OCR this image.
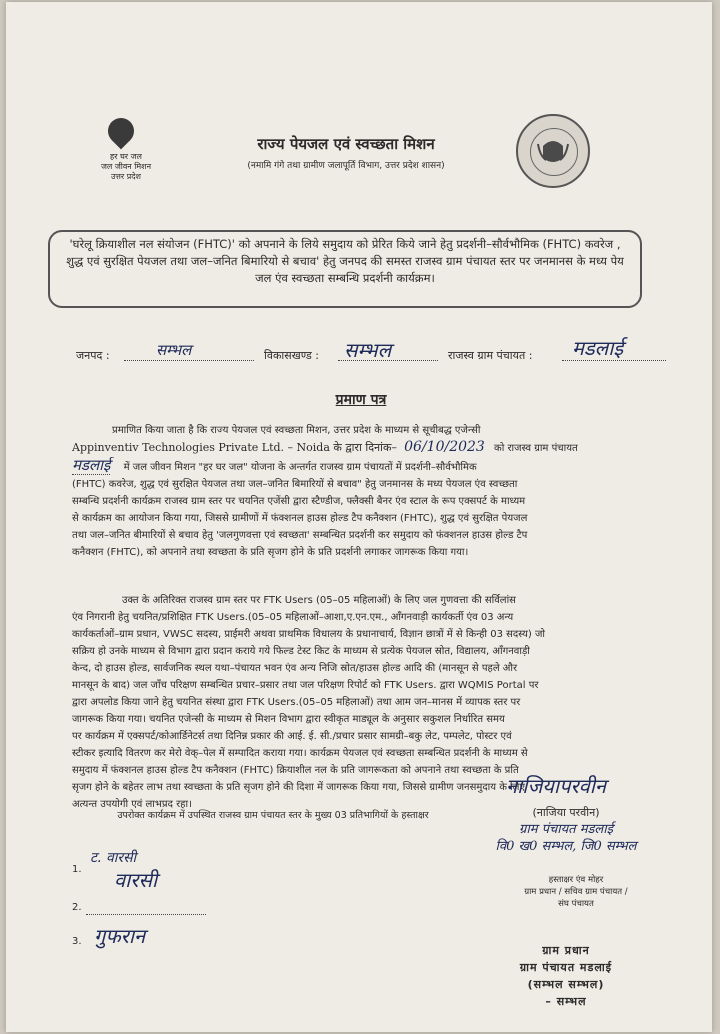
हर घर जल
जल जीवन मिशन
उत्तर प्रदेश
राज्य पेयजल एवं स्वच्छता मिशन
(नमामि गंगे तथा ग्रामीण जलापूर्ति विभाग, उत्तर प्रदेश शासन)
'घरेलू क्रियाशील नल संयोजन (FHTC)' को अपनाने के लिये समुदाय को प्रेरित किये जाने हेतु प्रदर्शनी–सौर्वभौमिक (FHTC) कवरेज , शुद्ध एवं सुरक्षित पेयजल तथा जल–जनित बिमारियो से बचाव' हेतु जनपद की समस्त राजस्व ग्राम पंचायत स्तर पर जनमानस के मध्य पेय जल एंव स्वच्छता सम्बन्धि प्रदर्शनी कार्यक्रम।
जनपद :	सम्भल	विकासखण्ड : सम्भल	राजस्व ग्राम पंचायत : मडलाई
प्रमाण पत्र
प्रमाणित किया जाता है कि राज्य पेयजल एवं स्वच्छता मिशन, उत्तर प्रदेश के माध्यम से सूचीबद्ध एजेन्सी
Appinventiv Technologies Private Ltd. – Noida के द्वारा दिनांक– 06/10/2023 को राजस्व ग्राम पंचायत
मडलाई में जल जीवन मिशन "हर घर जल" योजना के अन्तर्गत राजस्व ग्राम पंचायतों में प्रदर्शनी–सौर्वभौमिक
(FHTC) कवरेज, शुद्ध एवं सुरक्षित पेयजल तथा जल–जनित बिमारियों से बचाव" हेतु जनमानस के मध्य पेयजल एंव स्वच्छता
सम्बन्धि प्रदर्शनी कार्यक्रम राजस्व ग्राम स्तर पर चयनित एजेंसी द्वारा स्टैण्डीज, फ्लैक्सी बैनर एंव स्टाल के रूप एक्सपर्ट के माध्यम
से कार्यक्रम का आयोजन किया गया, जिससे ग्रामीणों में फंक्शनल हाउस होल्ड टैप कनैक्शन (FHTC), शुद्ध एवं सुरक्षित पेयजल
तथा जल–जनित बीमारियों से बचाव हेतु 'जलगुणवत्ता एवं स्वच्छता' सम्बन्धित प्रदर्शनी कर समुदाय को फंक्शनल हाउस होल्ड टैप
कनैक्शन (FHTC), को अपनाने तथा स्वच्छता के प्रति सृजग होने के प्रति प्रदर्शनी लगाकर जागरूक किया गया।
उक्त के अतिरिक्त राजस्व ग्राम स्तर पर FTK Users (05–05 महिलाओं) के लिए जल गुणवत्ता की सर्विलांस
एंव निगरानी हेतु चयनित/प्रशिक्षित FTK Users.(05–05 महिलाओं–आशा,ए.एन.एम., आँगनवाड़ी कार्यकर्ती एंव 03 अन्य
कार्यकर्ताओं–ग्राम प्रधान, VWSC सदस्य, प्राईमरी अथवा प्राथमिक विधालय के प्रधानाचार्य, विज्ञान छात्रों में से किन्ही 03 सदस्य) जो
सक्रिय हो उनके माध्यम से विभाग द्वारा प्रदान कराये गये फिल्ड टेस्ट किट के माध्यम से प्रत्येक पेयजल स्रोत, विद्यालय, आँगनवाड़ी
केन्द, दो हाउस होल्ड, सार्वजनिक स्थल यथा–पंचायत भवन एंव अन्य निजि स्रोत/हाउस होल्ड आदि की (मानसून से पहले और
मानसून के बाद) जल जाँच परिक्षण सम्बन्धित प्रचार–प्रसार तथा जल परिक्षण रिपोर्ट को FTK Users. द्वारा WQMIS Portal पर
द्वारा अपलोड किया जाने हेतु चयनित संस्था द्वारा FTK Users.(05–05 महिलाओं) तथा आम जन–मानस में व्यापक स्तर पर
जागरूक किया गया। चयनित एजेन्सी के माध्यम से मिशन विभाग द्वारा स्वीकृत माड्यूल के अनुसार सकुशल निर्धारित समय
पर कार्यक्रम में एक्सपर्ट/कोआर्डिनेटर्स तथा दिनिन्न प्रकार की आई. ई. सी./प्रचार प्रसार सामग्री–बकु लेट, पम्पलेट, पोस्टर एवं
स्टीकर इत्यादि वितरण कर मेरो वेक्–पेल में सम्पादित कराया गया। कार्यक्रम पेयजल एवं स्वच्छता सम्बन्धित प्रदर्शनी के माध्यम से
समुदाय में फंक्शनल हाउस होल्ड टैप कनैक्शन (FHTC) क्रियाशील नल के प्रति जागरूकता को अपनाने तथा स्वच्छता के प्रति
सृजग होने के बहेतर लाभ तथा स्वच्छता के प्रति सृजग होने की दिशा में जागरूक किया गया, जिससे ग्रामीण जनसमुदाय के लिए
अत्यन्त उपयोगी एवं लाभप्रद रहा।
नाजियापरवीन
(नाजिया परवीन)
ग्राम पंचायत मडलाई
वि0 ख0 सम्भल, जि0 सम्भल
उपरोक्त कार्यक्रम में उपस्थित राजस्व ग्राम पंचायत स्तर के मुख्य 03 प्रतिभागियों के हस्ताक्षर
1.
ट. वारसी
वारसी
2.
3. गुफरान
हस्ताक्षर एंव मोहर
ग्राम प्रधान / सचिव ग्राम पंचायत /
संघ पंचायत
ग्राम प्रधान
ग्राम पंचायत मडलाई
(सम्भल सम्भल)
– सम्भल
